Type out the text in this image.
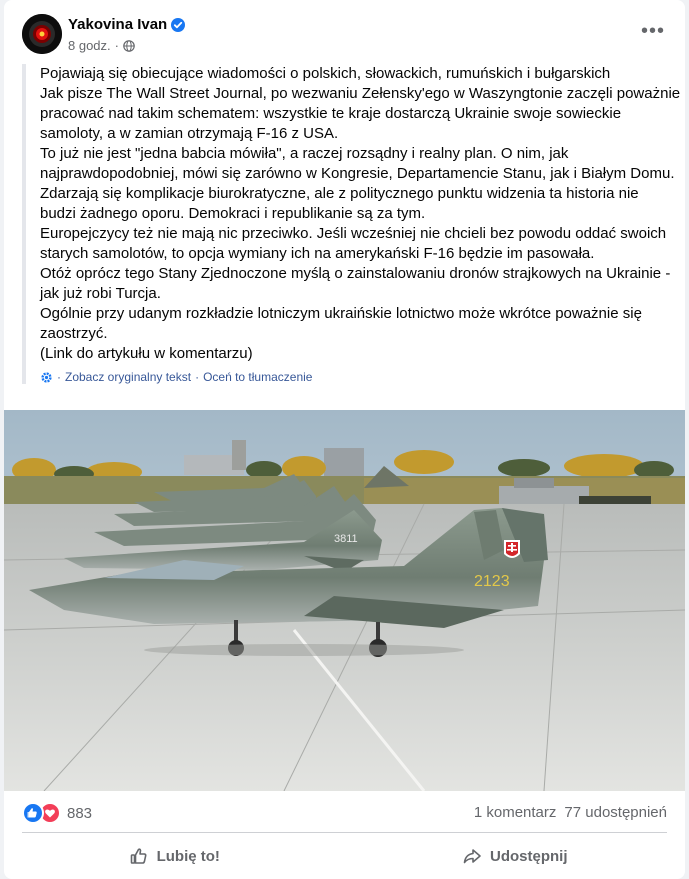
Yakovina Ivan
8 godz. ·
•••
Pojawiają się obiecujące wiadomości o polskich, słowackich, rumuńskich i bułgarskich
Jak pisze The Wall Street Journal, po wezwaniu Zełensky'ego w Waszyngtonie zaczęli poważnie
pracować nad takim schematem: wszystkie te kraje dostarczą Ukrainie swoje sowieckie
samoloty, a w zamian otrzymają F-16 z USA.
To już nie jest "jedna babcia mówiła", a raczej rozsądny i realny plan. O nim, jak
najprawdopodobniej, mówi się zarówno w Kongresie, Departamencie Stanu, jak i Białym Domu.
Zdarzają się komplikacje biurokratyczne, ale z politycznego punktu widzenia ta historia nie
budzi żadnego oporu. Demokraci i republikanie są za tym.
Europejczycy też nie mają nic przeciwko. Jeśli wcześniej nie chcieli bez powodu oddać swoich
starych samolotów, to opcja wymiany ich na amerykański F-16 będzie im pasowała.
Otóż oprócz tego Stany Zjednoczone myślą o zainstalowaniu dronów strajkowych na Ukrainie -
jak już robi Turcja.
Ogólnie przy udanym rozkładzie lotniczym ukraińskie lotnictwo może wkrótce poważnie się
zaostrzyć.
(Link do artykułu w komentarzu)
· Zobacz oryginalny tekst · Oceń to tłumaczenie
2123
3811
883	1 komentarz 77 udostępnień
Lubię to!	Udostępnij
